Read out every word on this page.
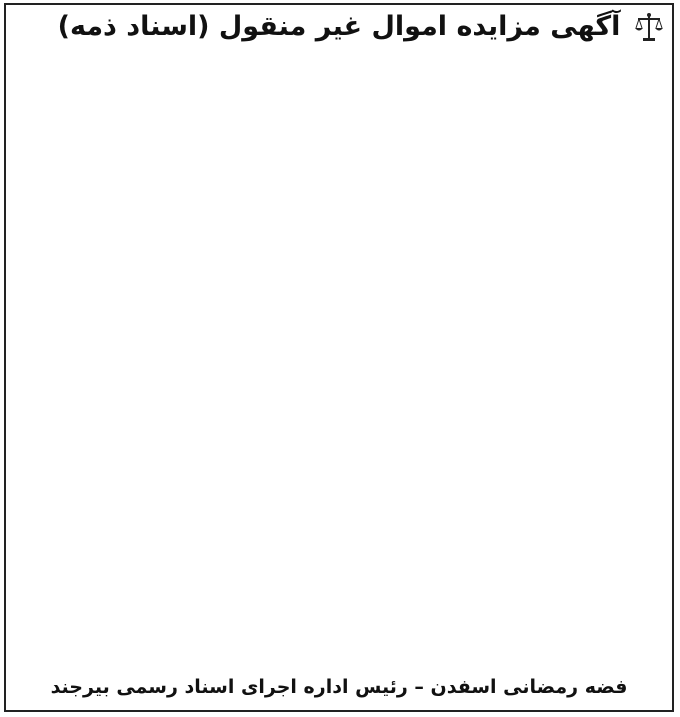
آگهی مزایده اموال غیر منقول (اسناد ذمه)

فضه رمضانی اسفدن – رئیس اداره اجرای اسناد رسمی بیرجند
